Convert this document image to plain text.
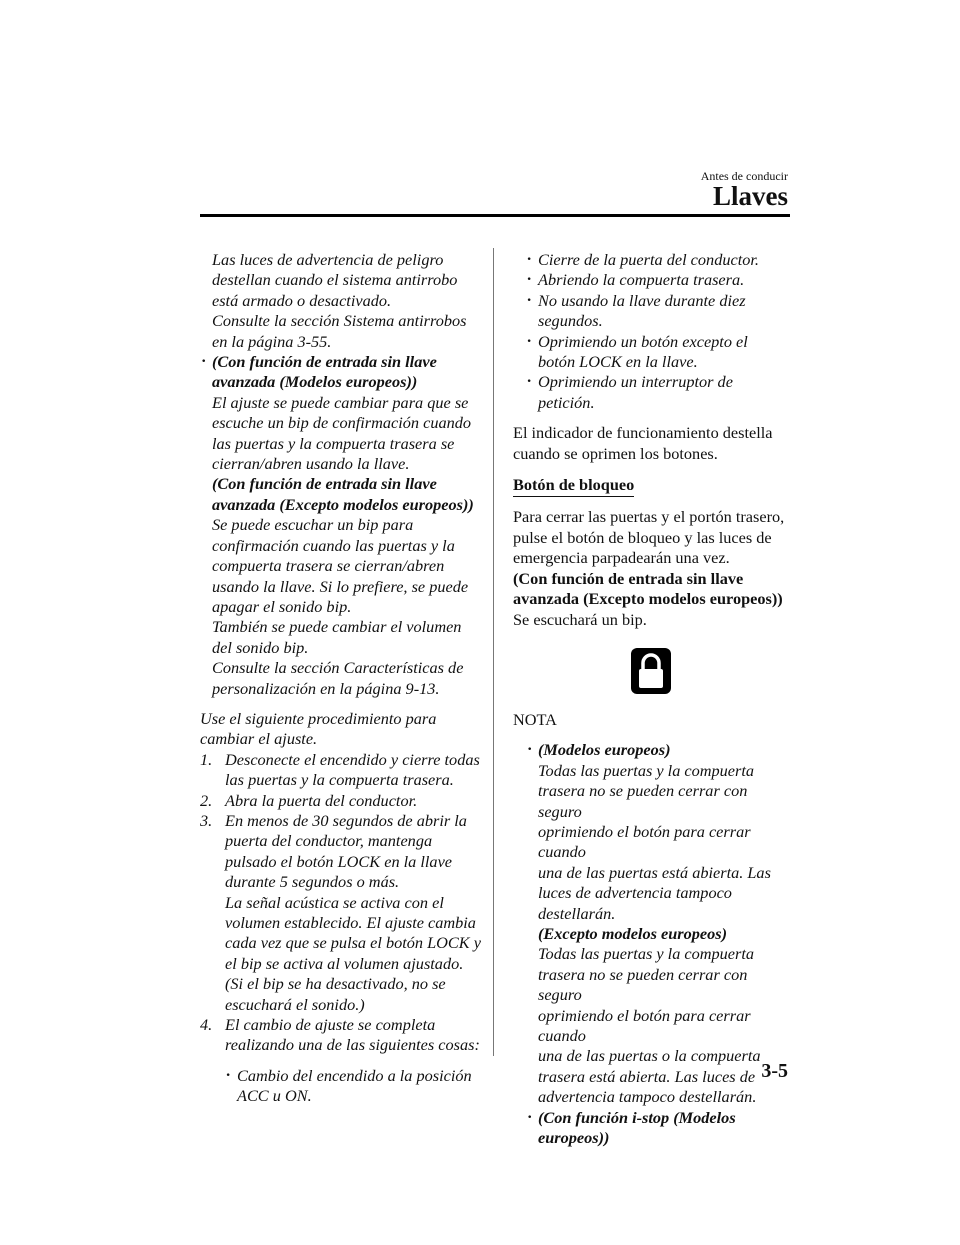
Antes de conducir
Llaves
Las luces de advertencia de peligro
destellan cuando el sistema antirrobo
está armado o desactivado.
Consulte la sección Sistema antirrobos
en la página 3-55.
· (Con función de entrada sin llave
avanzada (Modelos europeos))
El ajuste se puede cambiar para que se
escuche un bip de confirmación cuando
las puertas y la compuerta trasera se
cierran/abren usando la llave.
(Con función de entrada sin llave
avanzada (Excepto modelos europeos))
Se puede escuchar un bip para
confirmación cuando las puertas y la
compuerta trasera se cierran/abren
usando la llave. Si lo prefiere, se puede
apagar el sonido bip.
También se puede cambiar el volumen
del sonido bip.
Consulte la sección Características de
personalización en la página 9-13.
Use el siguiente procedimiento para
cambiar el ajuste.
1. Desconecte el encendido y cierre todas
las puertas y la compuerta trasera.
2. Abra la puerta del conductor.
3. En menos de 30 segundos de abrir la
puerta del conductor, mantenga
pulsado el botón LOCK en la llave
durante 5 segundos o más.
La señal acústica se activa con el
volumen establecido. El ajuste cambia
cada vez que se pulsa el botón LOCK y
el bip se activa al volumen ajustado.
(Si el bip se ha desactivado, no se
escuchará el sonido.)
4. El cambio de ajuste se completa
realizando una de las siguientes cosas:
· Cambio del encendido a la posición
ACC u ON.
· Cierre de la puerta del conductor.
· Abriendo la compuerta trasera.
· No usando la llave durante diez
segundos.
· Oprimiendo un botón excepto el
botón LOCK en la llave.
· Oprimiendo un interruptor de
petición.
El indicador de funcionamiento destella
cuando se oprimen los botones.
Botón de bloqueo
Para cerrar las puertas y el portón trasero,
pulse el botón de bloqueo y las luces de
emergencia parpadearán una vez.
(Con función de entrada sin llave
avanzada (Excepto modelos europeos))
Se escuchará un bip.
NOTA
· (Modelos europeos)
Todas las puertas y la compuerta
trasera no se pueden cerrar con seguro
oprimiendo el botón para cerrar cuando
una de las puertas está abierta. Las
luces de advertencia tampoco
destellarán.
(Excepto modelos europeos)
Todas las puertas y la compuerta
trasera no se pueden cerrar con seguro
oprimiendo el botón para cerrar cuando
una de las puertas o la compuerta
trasera está abierta. Las luces de
advertencia tampoco destellarán.
· (Con función i-stop (Modelos
europeos))
3-5
